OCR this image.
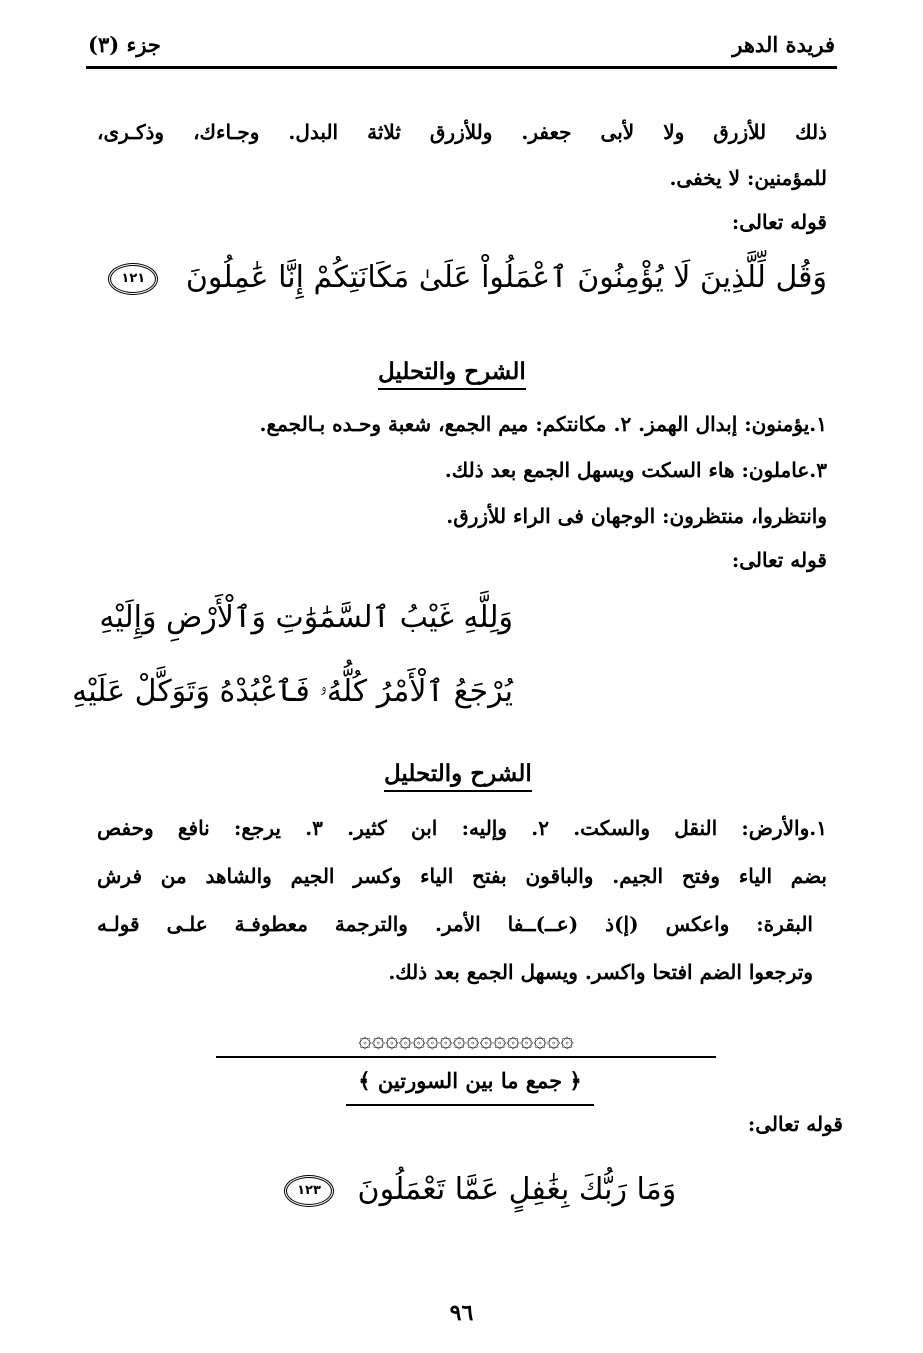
فريدة الدهر
جزء (٣)
ذلك للأزرق ولا لأبى جعفر. وللأزرق ثلاثة البدل. وجـاءك، وذكـرى،
للمؤمنين: لا يخفى.
قوله تعالى:
وَقُل لِّلَّذِينَ لَا يُؤْمِنُونَ ٱعْمَلُواْ عَلَىٰ مَكَانَتِكُمْ إِنَّا عَٰمِلُونَ ١٢١
الشرح والتحليل
١.يؤمنون: إبدال الهمز. ٢. مكانتكم: ميم الجمع، شعبة وحـده بـالجمع.
٣.عاملون: هاء السكت ويسهل الجمع بعد ذلك.
وانتظروا، منتظرون: الوجهان فى الراء للأزرق.
قوله تعالى:
وَلِلَّهِ غَيْبُ ٱلسَّمَٰوَٰتِ وَٱلْأَرْضِ وَإِلَيْهِ
يُرْجَعُ ٱلْأَمْرُ كُلُّهُۥ فَٱعْبُدْهُ وَتَوَكَّلْ عَلَيْهِ
الشرح والتحليل
١.والأرض: النقل والسكت. ٢. وإليه: ابن كثير. ٣. يرجع: نافع وحفص
بضم الياء وفتح الجيم. والباقون بفتح الياء وكسر الجيم والشاهد من فرش
البقرة: واعكس (إ)ذ (عــ)ــفا الأمر. والترجمة معطوفـة علـى قولـه
وترجعوا الضم افتحا واكسر. ويسهل الجمع بعد ذلك.
۞۞۞۞۞۞۞۞۞۞۞۞۞۞۞۞
﴿ جمع ما بين السورتين ﴾
قوله تعالى:
وَمَا رَبُّكَ بِغَٰفِلٍ عَمَّا تَعْمَلُونَ ١٢٣
٩٦
